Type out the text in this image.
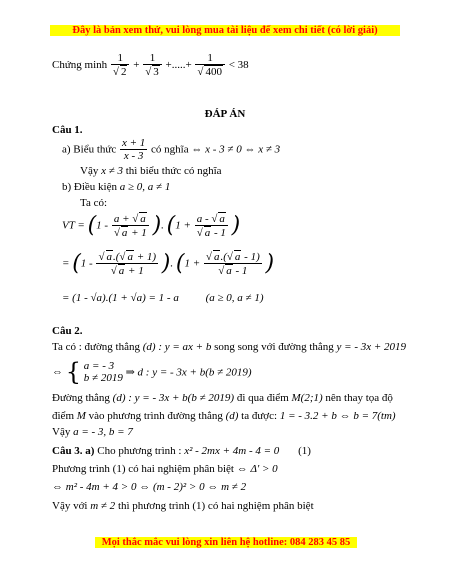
Đây là bản xem thử, vui lòng mua tài liệu để xem chi tiết (có lời giải)
Chứng minh $\frac{1}{√ 2} + \frac{1}{√ 3}$ +.....+ $\frac{1}{√ 400} < 38$
ĐÁP ÁN
Câu 1.
a) Biểu thức $\frac{x + 1}{x - 3}$ có nghĩa ⇔ x - 3 ≠ 0 ⇔ x ≠ 3
Vậy x ≠ 3 thì biểu thức có nghĩa
b) Điều kiện a ≥ 0, a ≠ 1
Ta có:
VT = ($1 - \frac{a + √ a}{√ a + 1}$ ). ($1 + \frac{a - √ a}{√ a - 1}$ )
= ($1 - \frac{√ a.(√ a + 1)}{√ a + 1}$ ). ($1 + \frac{√ a.(√ a - 1)}{√ a - 1}$ )
= (1 - √a).(1 + √a) = 1 - a (a ≥ 0, a ≠ 1)
Câu 2.
Ta có : đường thẳng (d) : y = ax + b song song với đường thẳng y = - 3x + 2019
⇔ { a = - 3
b ≠ 2019 ⇒ d : y = - 3x + b(b ≠ 2019)
Đường thẳng (d) : y = - 3x + b(b ≠ 2019) đi qua điểm M(2;1) nên thay tọa độ
điểm M vào phương trình đường thẳng (d) ta được: 1 = - 3.2 + b ⇔ b = 7(tm)
Vậy a = - 3, b = 7
Câu 3. a) Cho phương trình : x² - 2mx + 4m - 4 = 0 (1)
Phương trình (1) có hai nghiệm phân biệt ⇔ Δ' > 0
⇔ m² - 4m + 4 > 0 ⇔ (m - 2)² > 0 ⇔ m ≠ 2
Vậy với m ≠ 2 thì phương trình (1) có hai nghiệm phân biệt
Mọi thắc mắc vui lòng xin liên hệ hotline: 084 283 45 85
